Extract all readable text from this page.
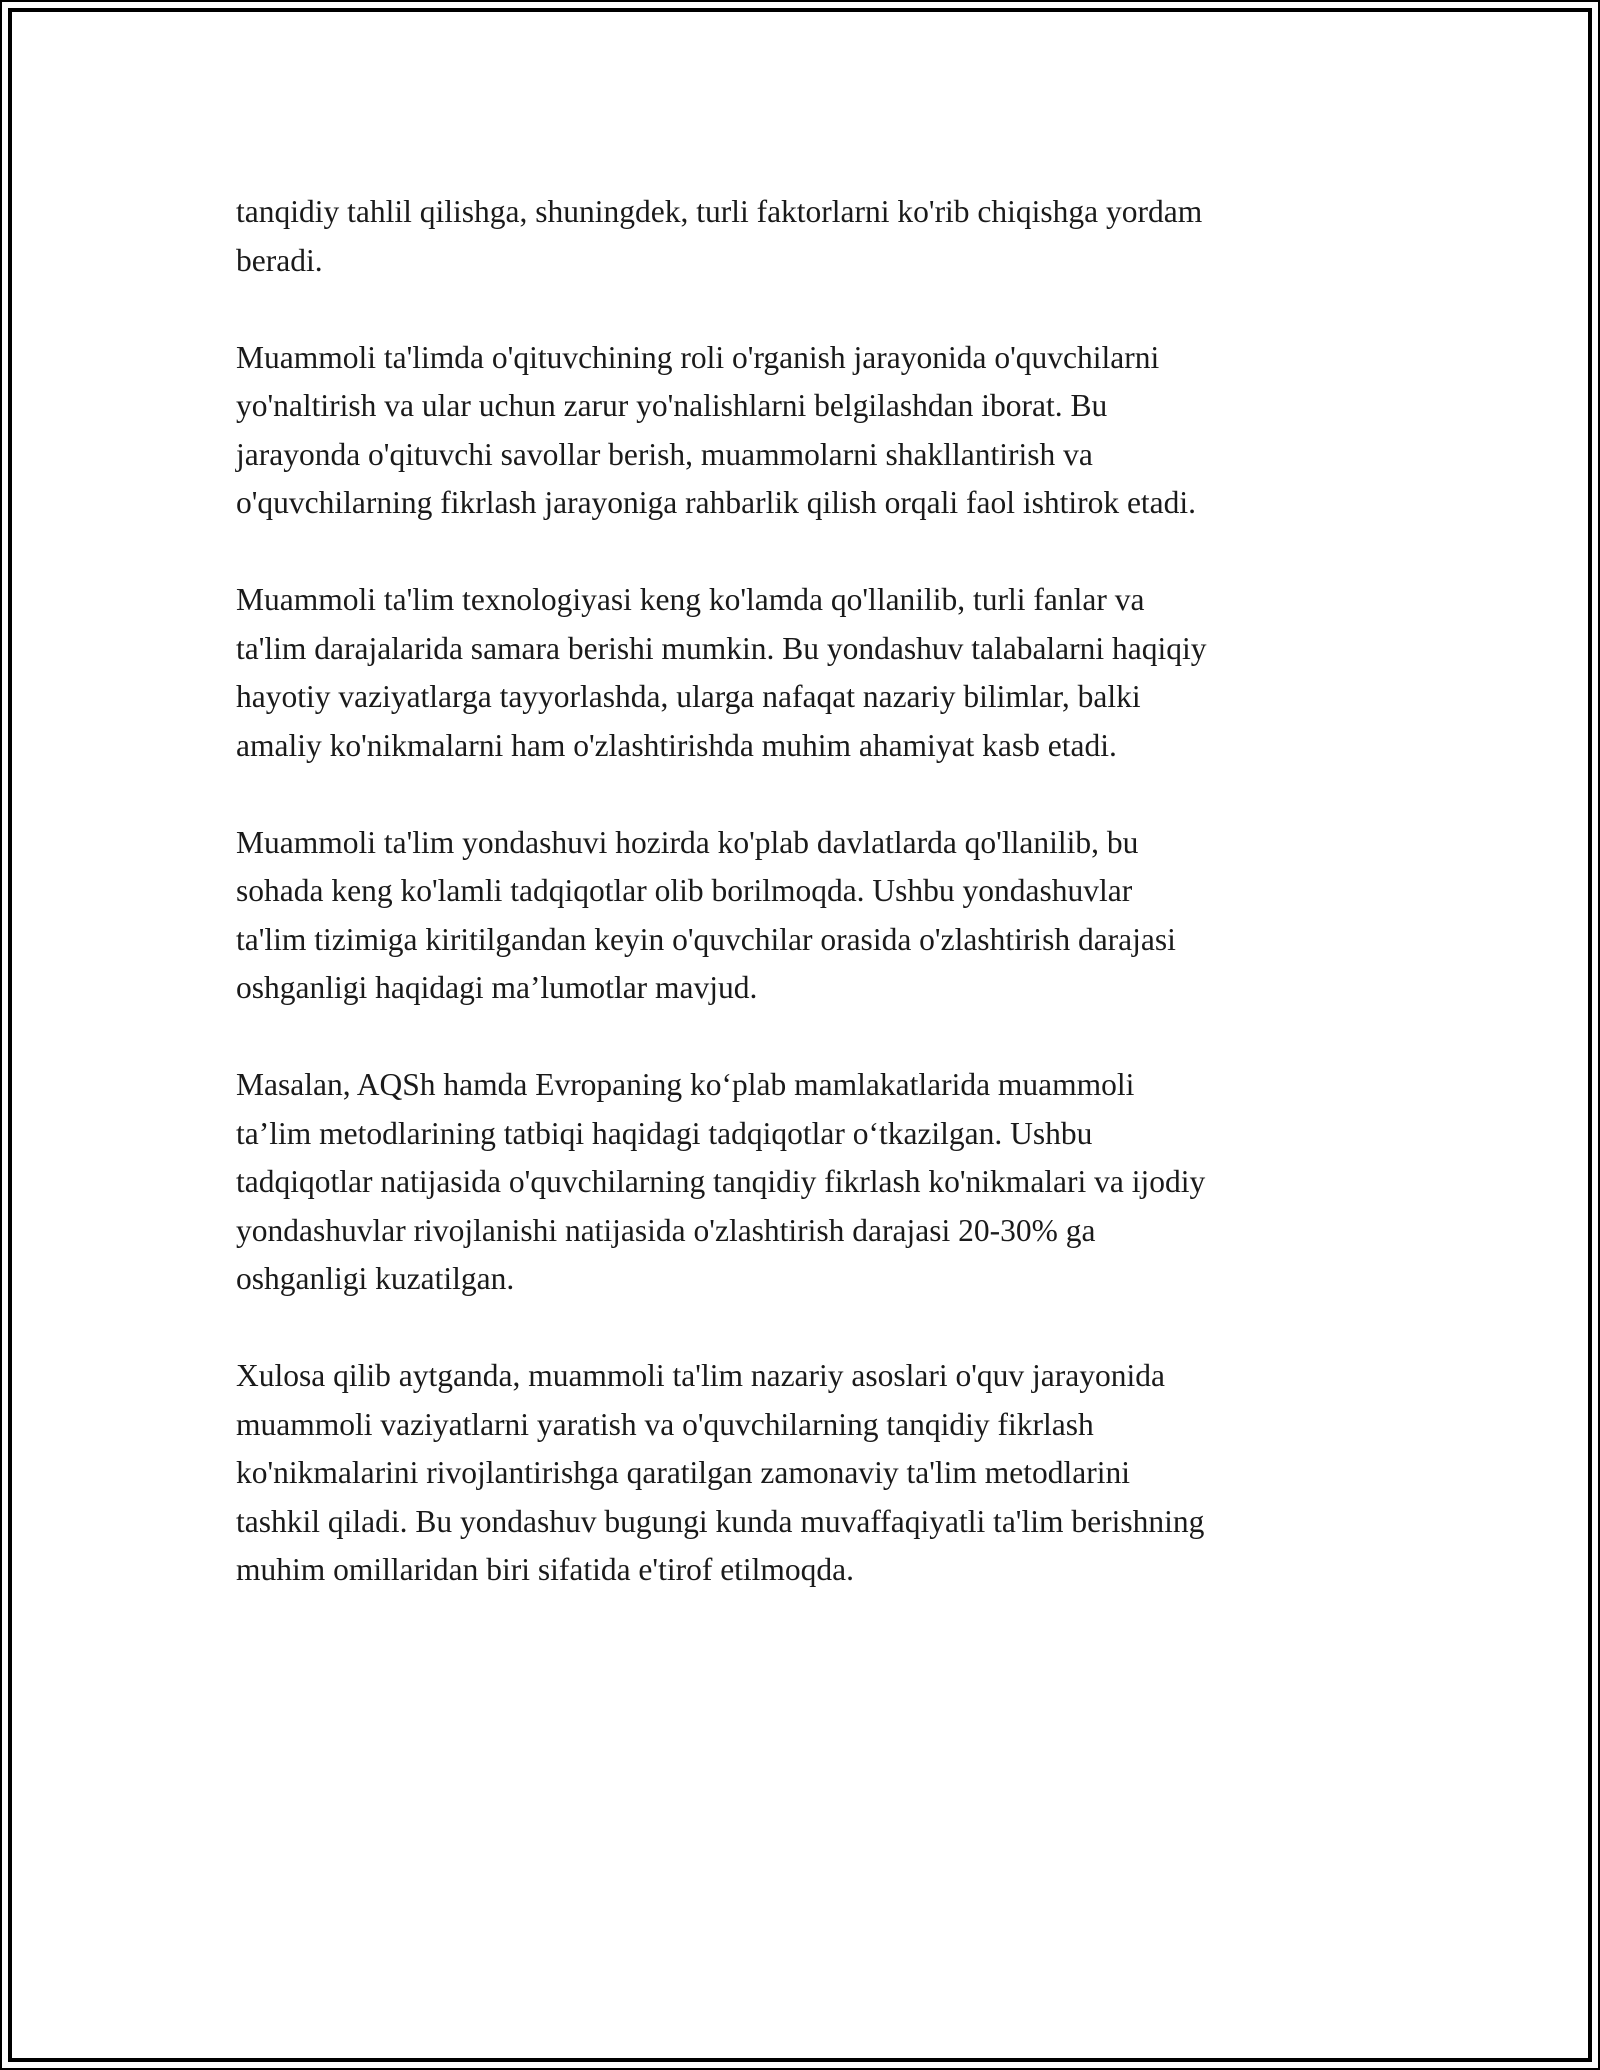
tanqidiy tahlil qilishga, shuningdek, turli faktorlarni ko'rib chiqishga yordam
beradi.

Muammoli ta'limda o'qituvchining roli o'rganish jarayonida o'quvchilarni
yo'naltirish va ular uchun zarur yo'nalishlarni belgilashdan iborat. Bu
jarayonda o'qituvchi savollar berish, muammolarni shakllantirish va
o'quvchilarning fikrlash jarayoniga rahbarlik qilish orqali faol ishtirok etadi.

Muammoli ta'lim texnologiyasi keng ko'lamda qo'llanilib, turli fanlar va
ta'lim darajalarida samara berishi mumkin. Bu yondashuv talabalarni haqiqiy
hayotiy vaziyatlarga tayyorlashda, ularga nafaqat nazariy bilimlar, balki
amaliy ko'nikmalarni ham o'zlashtirishda muhim ahamiyat kasb etadi.

Muammoli ta'lim yondashuvi hozirda ko'plab davlatlarda qo'llanilib, bu
sohada keng ko'lamli tadqiqotlar olib borilmoqda. Ushbu yondashuvlar
ta'lim tizimiga kiritilgandan keyin o'quvchilar orasida o'zlashtirish darajasi
oshganligi haqidagi ma’lumotlar mavjud.

Masalan, AQSh hamda Evropaning ko‘plab mamlakatlarida muammoli
ta’lim metodlarining tatbiqi haqidagi tadqiqotlar o‘tkazilgan. Ushbu
tadqiqotlar natijasida o'quvchilarning tanqidiy fikrlash ko'nikmalari va ijodiy
yondashuvlar rivojlanishi natijasida o'zlashtirish darajasi 20-30% ga
oshganligi kuzatilgan.

Xulosa qilib aytganda, muammoli ta'lim nazariy asoslari o'quv jarayonida
muammoli vaziyatlarni yaratish va o'quvchilarning tanqidiy fikrlash
ko'nikmalarini rivojlantirishga qaratilgan zamonaviy ta'lim metodlarini
tashkil qiladi. Bu yondashuv bugungi kunda muvaffaqiyatli ta'lim berishning
muhim omillaridan biri sifatida e'tirof etilmoqda.
